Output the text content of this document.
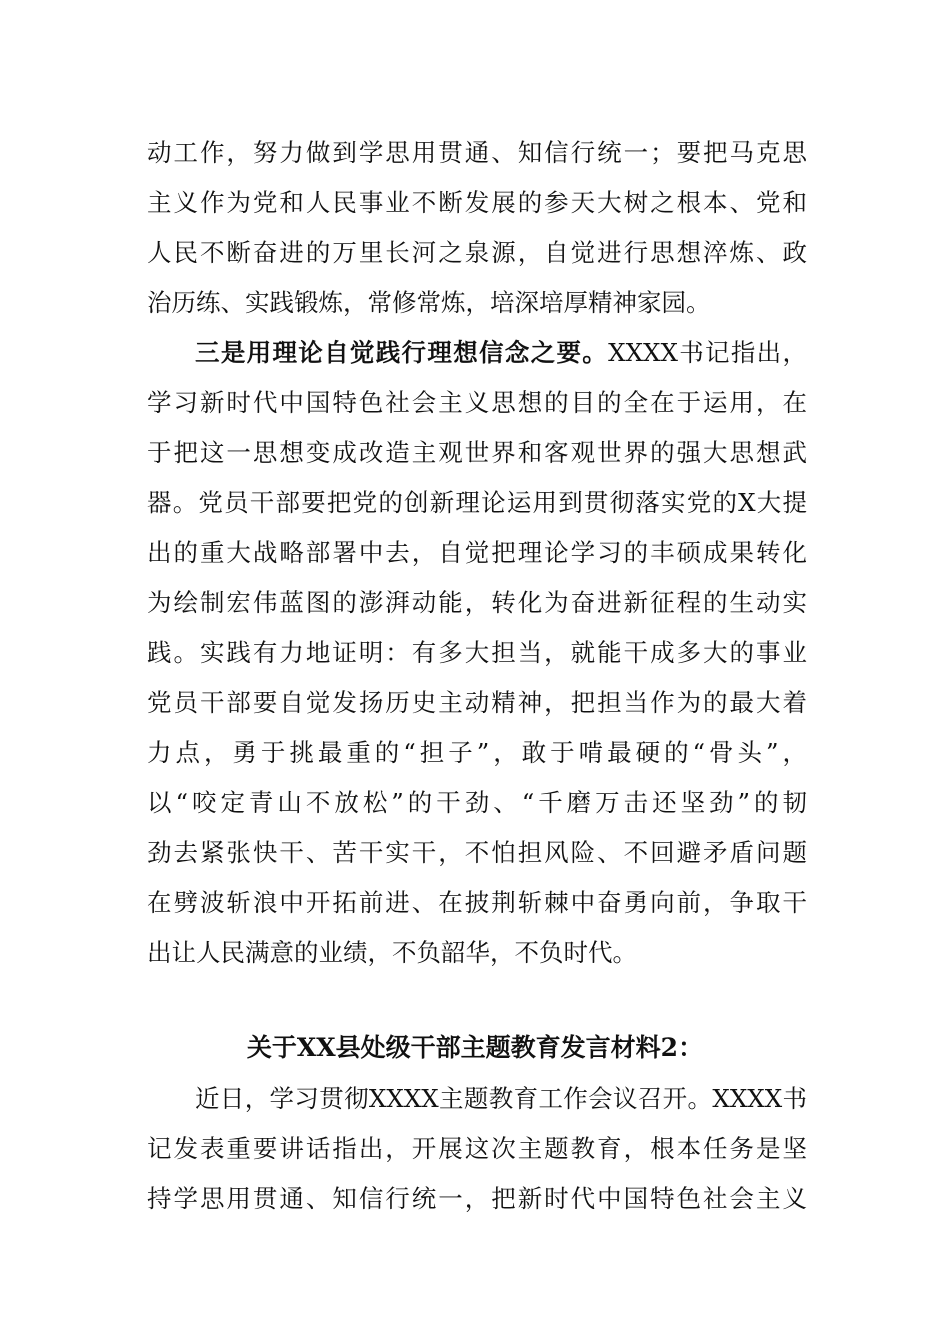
动工作，努力做到学思用贯通、知信行统一；要把马克思
主义作为党和人民事业不断发展的参天大树之根本、党和
人民不断奋进的万里长河之泉源，自觉进行思想淬炼、政
治历练、实践锻炼，常修常炼，培深培厚精神家园。
三是用理论自觉践行理想信念之要。XXXX书记指出，
学习新时代中国特色社会主义思想的目的全在于运用，在
于把这一思想变成改造主观世界和客观世界的强大思想武
器。党员干部要把党的创新理论运用到贯彻落实党的X大提
出的重大战略部署中去，自觉把理论学习的丰硕成果转化
为绘制宏伟蓝图的澎湃动能，转化为奋进新征程的生动实
践。实践有力地证明：有多大担当，就能干成多大的事业
党员干部要自觉发扬历史主动精神，把担当作为的最大着
力点，勇于挑最重的“担子”，敢于啃最硬的“骨头”，
以“咬定青山不放松”的干劲、“千磨万击还坚劲”的韧
劲去紧张快干、苦干实干，不怕担风险、不回避矛盾问题
在劈波斩浪中开拓前进、在披荆斩棘中奋勇向前，争取干
出让人民满意的业绩，不负韶华，不负时代。
关于XX县处级干部主题教育发言材料2：
近日，学习贯彻XXXX主题教育工作会议召开。XXXX书
记发表重要讲话指出，开展这次主题教育，根本任务是坚
持学思用贯通、知信行统一，把新时代中国特色社会主义
